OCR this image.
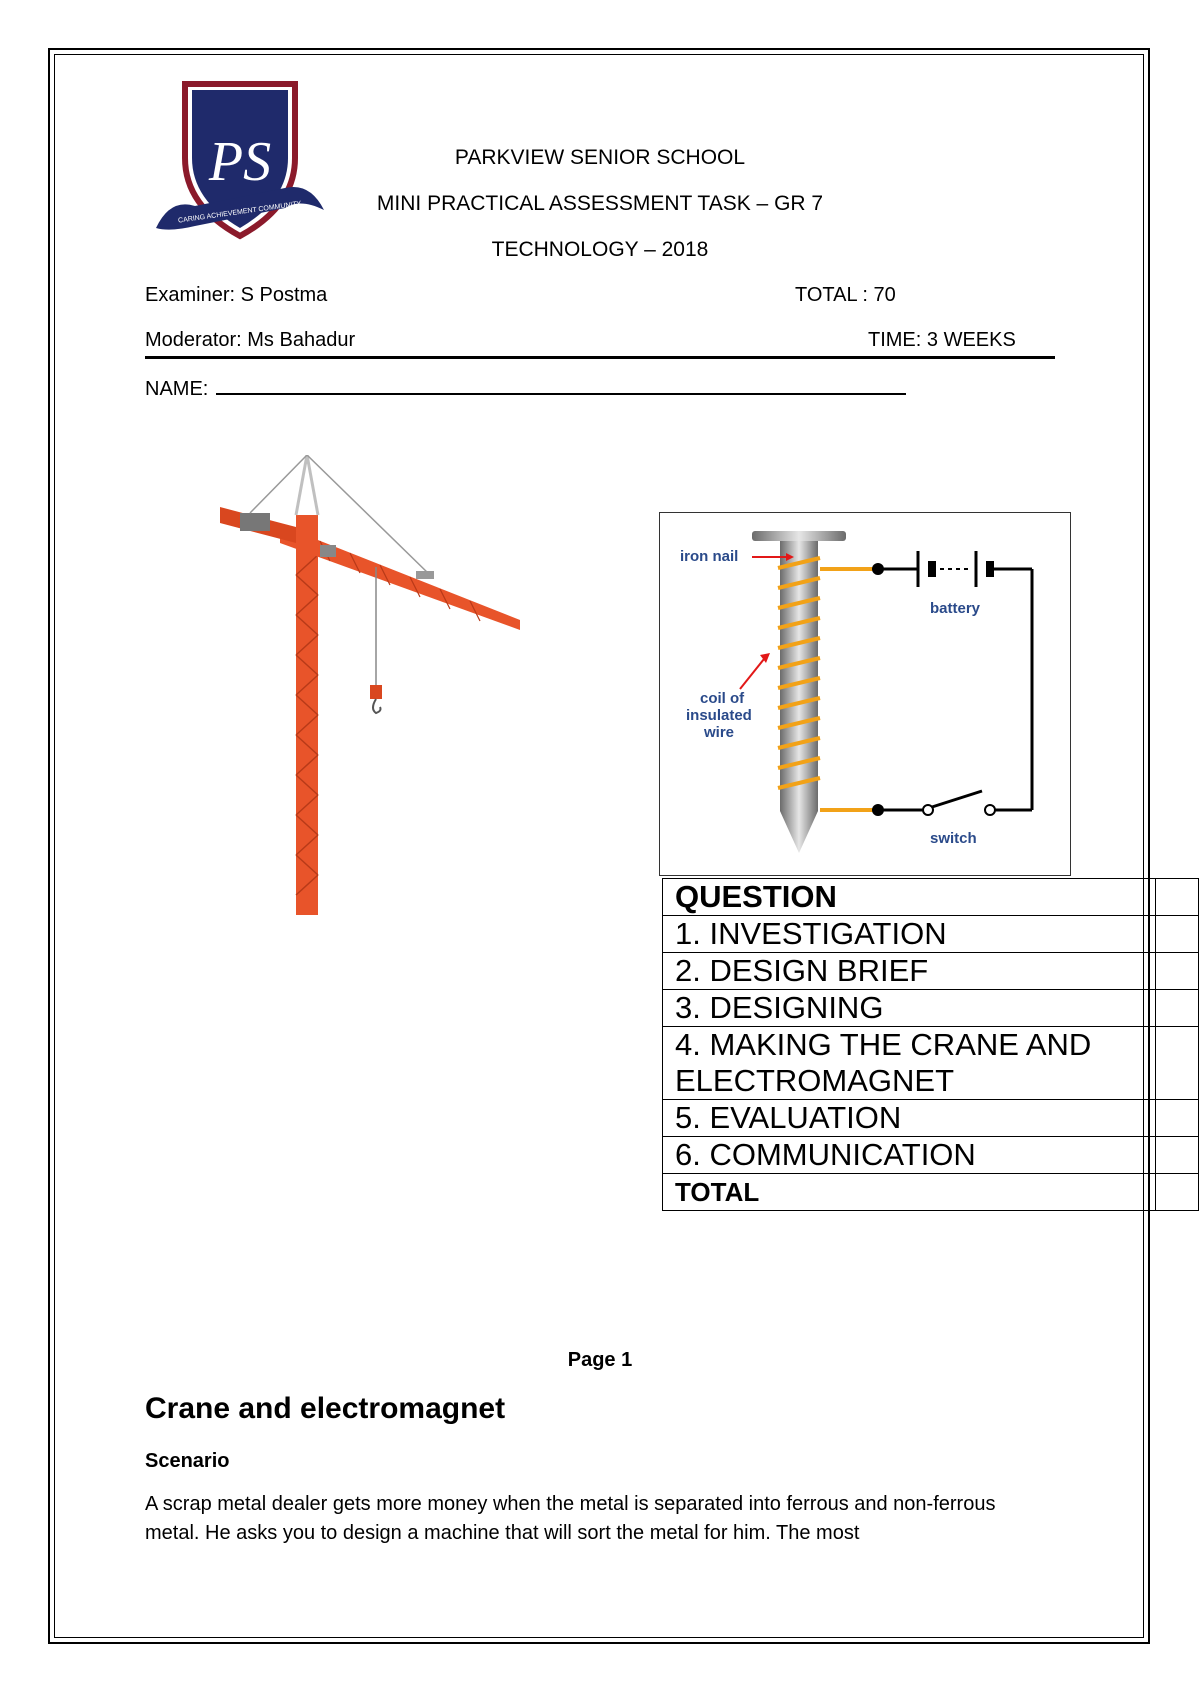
PS
CARING ACHIEVEMENT COMMUNITY
PARKVIEW SENIOR SCHOOL
MINI PRACTICAL ASSESSMENT TASK – GR 7
TECHNOLOGY – 2018
Examiner: S Postma	TOTAL : 70
Moderator: Ms Bahadur	TIME: 3 WEEKS
NAME:
iron nail
battery
coil of
insulated
wire
switch
QUESTION	
1. INVESTIGATION	
2. DESIGN BRIEF	
3. DESIGNING	
4. MAKING THE CRANE AND ELECTROMAGNET	
5. EVALUATION	
6. COMMUNICATION	
TOTAL	
Page 1
Crane and electromagnet
Scenario
A scrap metal dealer gets more money when the metal is separated into ferrous and non-ferrous metal. He asks you to design a machine that will sort the metal for him. The most
